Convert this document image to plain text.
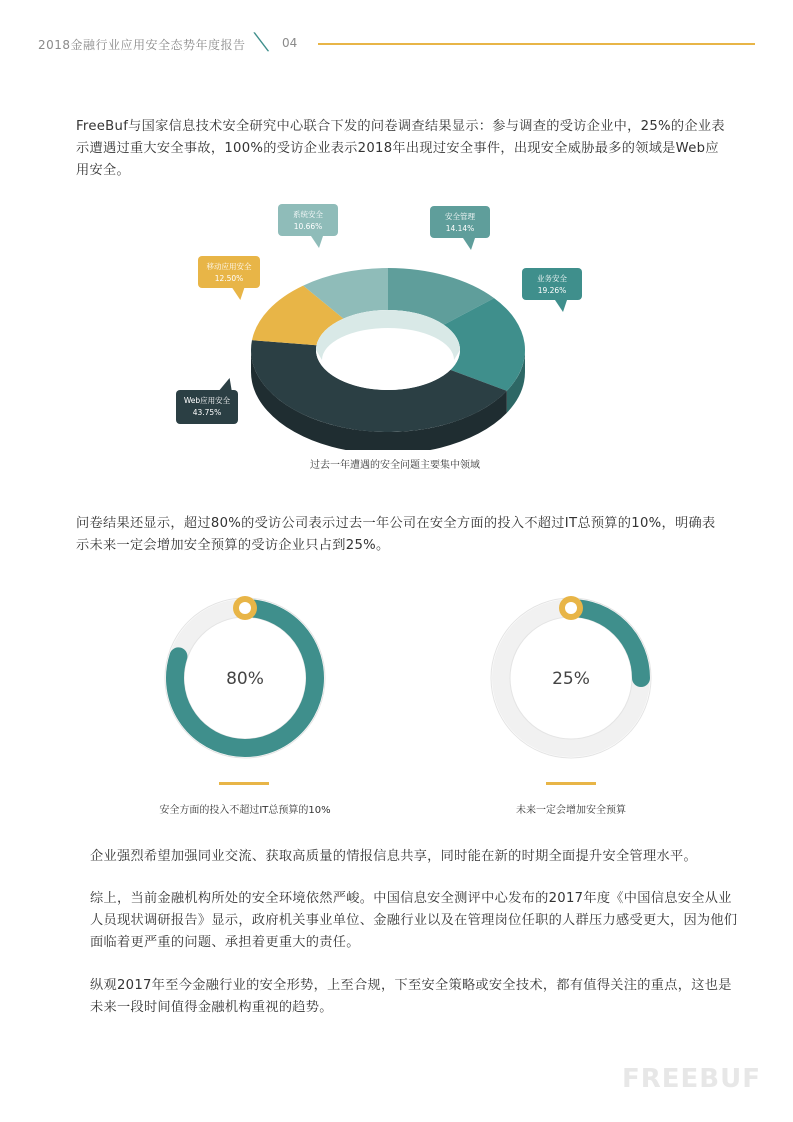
2018金融行业应用安全态势年度报告 ╲ 04
FreeBuf与国家信息技术安全研究中心联合下发的问卷调查结果显示：参与调查的受访企业中，25%的企业表示遭遇过重大安全事故，100%的受访企业表示2018年出现过安全事件，出现安全威胁最多的领域是Web应用安全。
安全管理
14.14%
业务安全
19.26%
Web应用安全
43.75%
移动应用安全
12.50%
系统安全
10.66%
过去一年遭遇的安全问题主要集中领域
问卷结果还显示，超过80%的受访公司表示过去一年公司在安全方面的投入不超过IT总预算的10%，明确表示未来一定会增加安全预算的受访企业只占到25%。
80%	25%
安全方面的投入不超过IT总预算的10%	未来一定会增加安全预算
企业强烈希望加强同业交流、获取高质量的情报信息共享，同时能在新的时期全面提升安全管理水平。
综上，当前金融机构所处的安全环境依然严峻。中国信息安全测评中心发布的2017年度《中国信息安全从业人员现状调研报告》显示，政府机关事业单位、金融行业以及在管理岗位任职的人群压力感受更大，因为他们面临着更严重的问题、承担着更重大的责任。
纵观2017年至今金融行业的安全形势，上至合规，下至安全策略或安全技术，都有值得关注的重点，这也是未来一段时间值得金融机构重视的趋势。
FREEBUF
